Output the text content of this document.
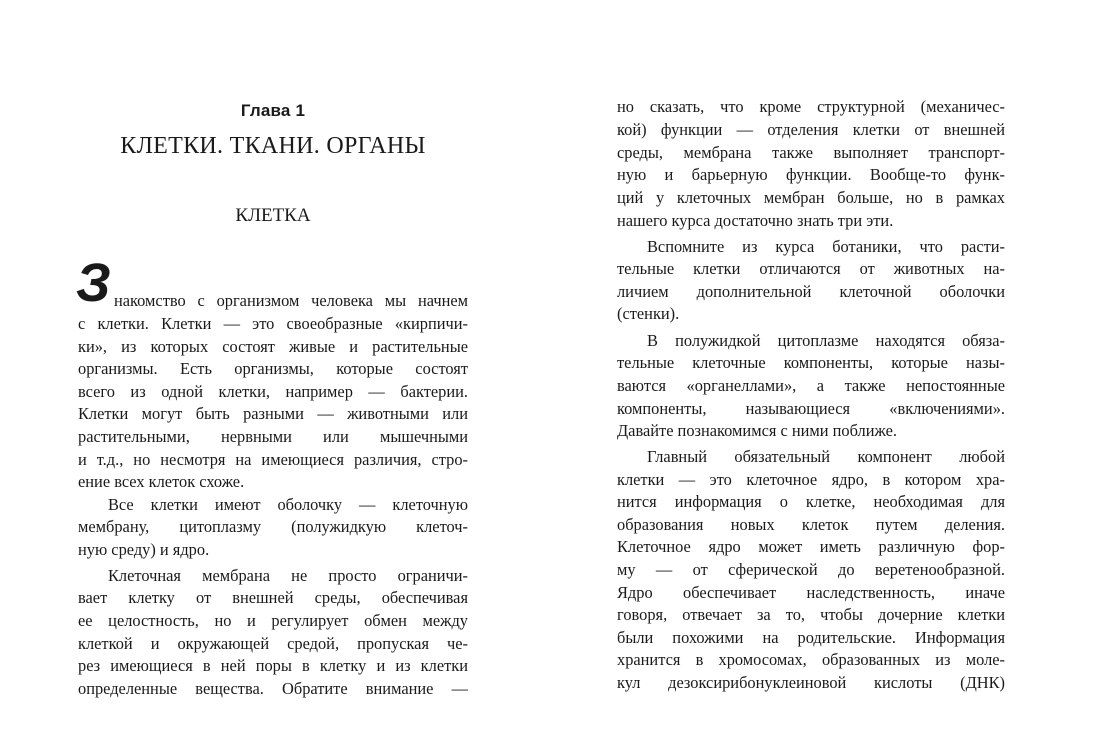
Глава 1
КЛЕТКИ. ТКАНИ. ОРГАНЫ
КЛЕТКА
З накомство с организмом человека мы начнем
с клетки. Клетки — это своеобразные «кирпичи-
ки», из которых состоят живые и растительные
организмы. Есть организмы, которые состоят
всего из одной клетки, например — бактерии.
Клетки могут быть разными — животными или
растительными, нервными или мышечными
и т.д., но несмотря на имеющиеся различия, стро-
ение всех клеток схоже.
Все клетки имеют оболочку — клеточную
мембрану, цитоплазму (полужидкую клеточ-
ную среду) и ядро.
Клеточная мембрана не просто ограничи-
вает клетку от внешней среды, обеспечивая
ее целостность, но и регулирует обмен между
клеткой и окружающей средой, пропуская че-
рез имеющиеся в ней поры в клетку и из клетки
определенные вещества. Обратите внимание —
но сказать, что кроме структурной (механичес-
кой) функции — отделения клетки от внешней
среды, мембрана также выполняет транспорт-
ную и барьерную функции. Вообще-то функ-
ций у клеточных мембран больше, но в рамках
нашего курса достаточно знать три эти.
Вспомните из курса ботаники, что расти-
тельные клетки отличаются от животных на-
личием дополнительной клеточной оболочки
(стенки).
В полужидкой цитоплазме находятся обяза-
тельные клеточные компоненты, которые назы-
ваются «органеллами», а также непостоянные
компоненты, называющиеся «включениями».
Давайте познакомимся с ними поближе.
Главный обязательный компонент любой
клетки — это клеточное ядро, в котором хра-
нится информация о клетке, необходимая для
образования новых клеток путем деления.
Клеточное ядро может иметь различную фор-
му — от сферической до веретенообразной.
Ядро обеспечивает наследственность, иначе
говоря, отвечает за то, чтобы дочерние клетки
были похожими на родительские. Информация
хранится в хромосомах, образованных из моле-
кул дезоксирибонуклеиновой кислоты (ДНК)
